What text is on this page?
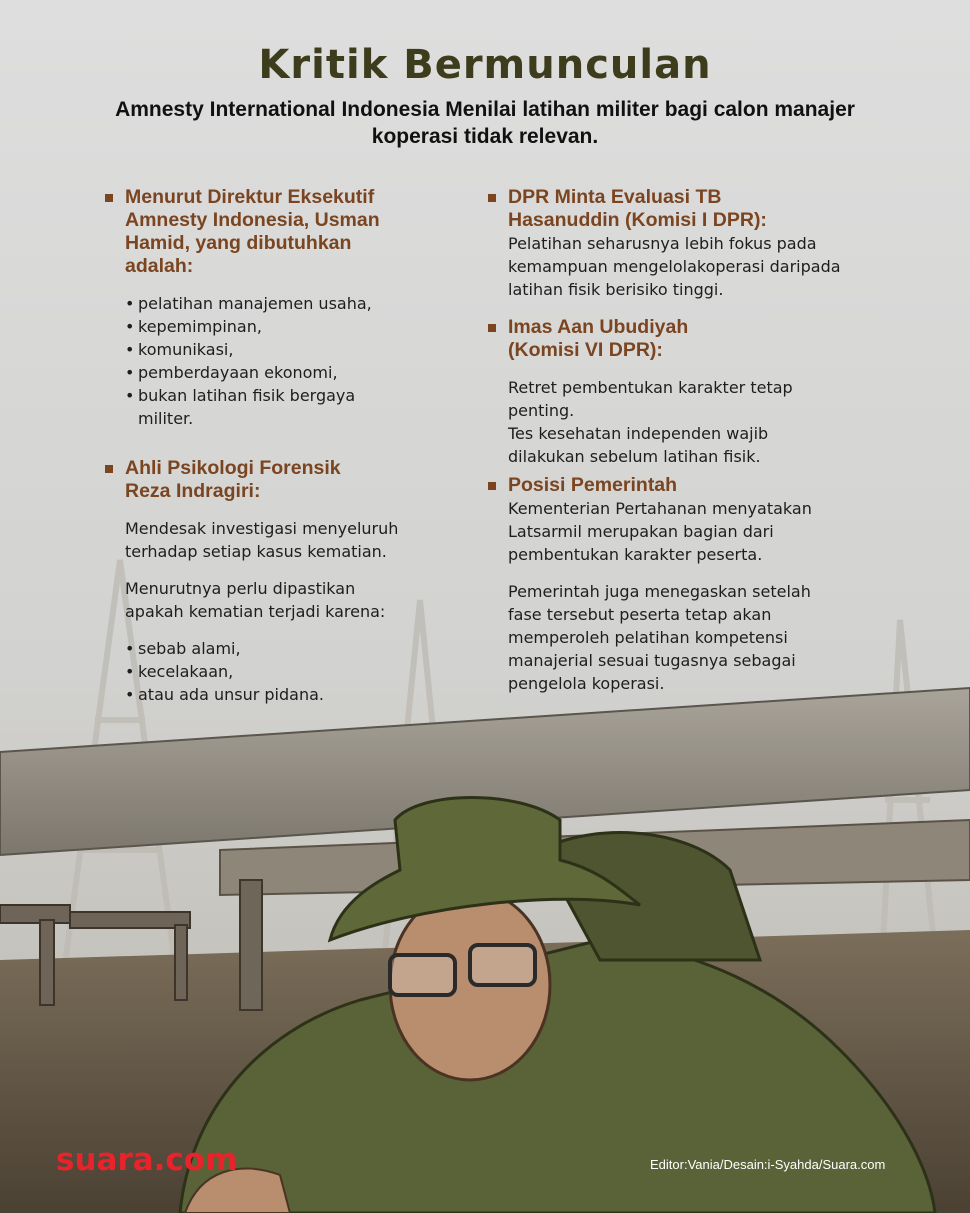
Kritik Bermunculan
Amnesty International Indonesia Menilai latihan militer bagi calon manajer koperasi tidak relevan.
Menurut Direktur Eksekutif Amnesty Indonesia, Usman Hamid, yang dibutuhkan adalah:
• pelatihan manajemen usaha,
• kepemimpinan,
• komunikasi,
• pemberdayaan ekonomi,
• bukan latihan fisik bergaya militer.
Ahli Psikologi Forensik Reza Indragiri:

Mendesak investigasi menyeluruh terhadap setiap kasus kematian.

Menurutnya perlu dipastikan apakah kematian terjadi karena:

• sebab alami,
• kecelakaan,
• atau ada unsur pidana.
DPR Minta Evaluasi TB Hasanuddin (Komisi I DPR):

Pelatihan seharusnya lebih fokus pada kemampuan mengelolakoperasi daripada latihan fisik berisiko tinggi.

Imas Aan Ubudiyah (Komisi VI DPR):

Retret pembentukan karakter tetap penting.

Tes kesehatan independen wajib dilakukan sebelum latihan fisik.

Posisi Pemerintah

Kementerian Pertahanan menyatakan Latsarmil merupakan bagian dari pembentukan karakter peserta.

Pemerintah juga menegaskan setelah fase tersebut peserta tetap akan memperoleh pelatihan kompetensi manajerial sesuai tugasnya sebagai pengelola koperasi.

suara.com	Editor:Vania/Desain:i-Syahda/Suara.com
